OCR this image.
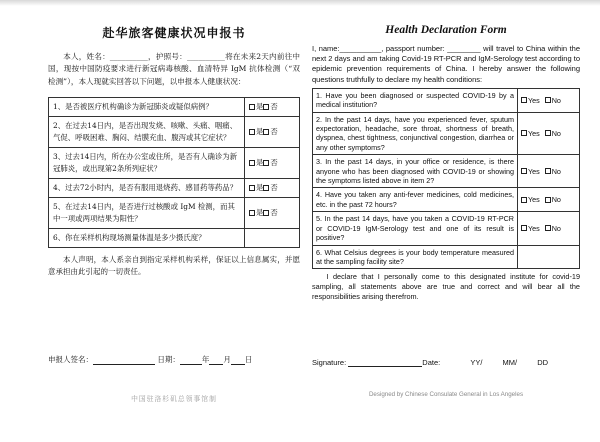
赴华旅客健康状况申报书
本人，姓名：__________，护照号：__________将在未来2天内前往中国，现按中国防疫要求进行新冠病毒核酸、血清特异 IgM 抗体检测（“双检测”），本人现就实回答以下问题，以申报本人健康状况：
1、是否被医疗机构确诊为新冠肺炎或疑似病例？	是 否
2、在过去14日内，是否出现发烧、咳嗽、头痛、咽痛、气促、呼吸困难、胸闷、结膜充血、腹泻或其它症状？	是 否
3、过去14日内，所在办公室或住所，是否有人确诊为新冠肺炎，或出现第2条所列症状？	是 否
4、过去72小时内，是否有服用退烧药、感冒药等药品？	是 否
5、在过去14日内，是否进行过核酸或 IgM 检测，而其中一项或两项结果为阳性？	是 否
6、你在采样机构现场测量体温是多少摄氏度？	
本人声明，本人系亲自到指定采样机构采样，保证以上信息属实，并愿意承担由此引起的一切责任。
申报人签名：	日期：	年 月 日
中国驻洛杉矶总领事馆制
Health Declaration Form
I, name:__________, passport number: ________ will travel to China within the next 2 days and am taking Covid-19 RT-PCR and IgM-Serology test according to epidemic prevention requirements of China. I hereby answer the following questions truthfully to declare my health conditions:
1. Have you been diagnosed or suspected COVID-19 by a medical institution?	Yes No
2. In the past 14 days, have you experienced fever, sputum expectoration, headache, sore throat, shortness of breath, dyspnea, chest tightness, conjunctival congestion, diarrhea or any other symptoms?	Yes No
3. In the past 14 days, in your office or residence, is there anyone who has been diagnosed with COVID-19 or showing the symptoms listed above in item 2?	Yes No
4. Have you taken any anti-fever medicines, cold medicines, etc. in the past 72 hours?	Yes No
5. In the past 14 days, have you taken a COVID-19 RT-PCR or COVID-19 IgM-Serology test and one of its result is positive?	Yes No
6. What Celsius degrees is your body temperature measured at the sampling facility site?	
I declare that I personally come to this designated institute for covid-19 sampling, all statements above are true and correct and will bear all the responsibilities arising therefrom.
Signature:	Date:	YY/	MM/	DD
Designed by Chinese Consulate General in Los Angeles
